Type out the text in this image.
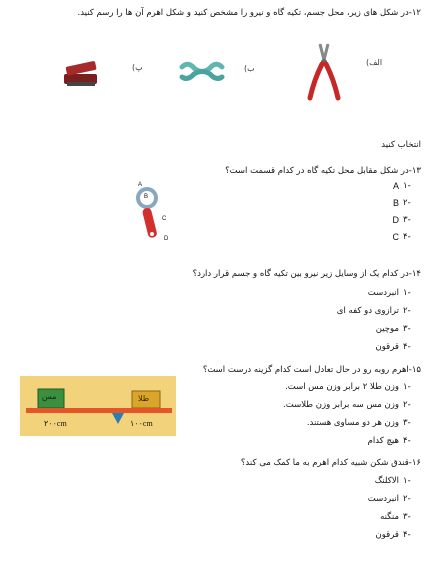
۱۲-در شکل های زیر، محل جسم، تکیه گاه و نیرو را مشخص کنید و شکل اهرم آن ها را رسم کنید.
پ)	ب)
الف)
انتخاب کنید
۱۳-در شکل مقابل محل تکیه گاه در کدام قسمت است؟
۱-
A
۲-
B
۳-
D
۴-
C
A
B
C
D
۱۴-در کدام یک از وسایل زیر نیرو بین تکیه گاه و جسم قرار دارد؟
۱-
انبردست
۲-
ترازوی دو کفه ای
۳-
موچین
۴-
قرقون
۱۵-اهرم روبه رو در حال تعادل است کدام گزینه درست است؟
۱-
وزن طلا ۲ برابر وزن مس است.
۲-
وزن مس سه برابر وزن طلاست.
۳-
وزن هر دو مساوی هستند.
۴-
هیچ کدام
مس	طلا
۲۰۰cm	۱۰۰cm
۱۶-قندق شکن شبیه کدام اهرم به ما کمک می کند؟
۱-
الاکلنگ
۲-
انبردست
۳-
منگنه
۴-
قرقون
